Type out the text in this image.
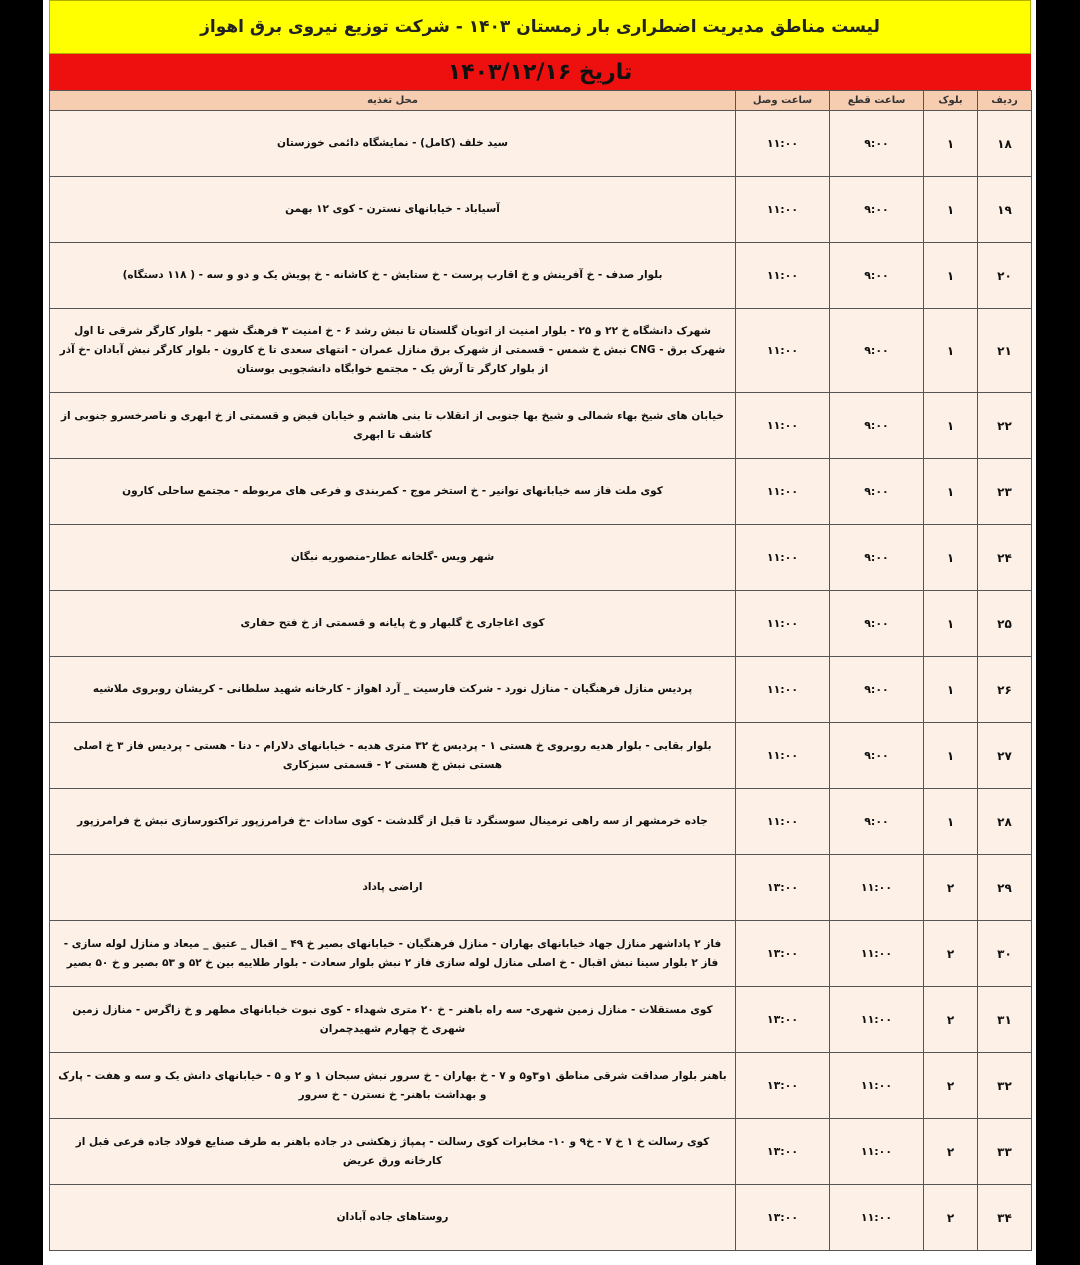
لیست مناطق مدیریت اضطراری بار زمستان ۱۴۰۳ - شرکت توزیع نیروی برق اهواز
تاریخ ۱۴۰۳/۱۲/۱۶
ردیف	بلوک	ساعت قطع	ساعت وصل	محل تغذیه
۱۸	۱	۹:۰۰	۱۱:۰۰	سید خلف (کامل) - نمایشگاه دائمی خوزستان
۱۹	۱	۹:۰۰	۱۱:۰۰	آسیاباد - خیابانهای نسترن - کوی ۱۲ بهمن
۲۰	۱	۹:۰۰	۱۱:۰۰	بلوار صدف - خ آفرینش و خ اقارب پرست - خ ستایش - خ کاشانه - خ پویش یک و دو و سه - ( ۱۱۸ دستگاه)
۲۱	۱	۹:۰۰	۱۱:۰۰	شهرک دانشگاه خ ۲۲ و ۲۵ - بلوار امنیت از اتوبان گلستان تا نبش رشد ۶ - خ امنیت ۳ فرهنگ شهر - بلوار کارگر شرقی تا اول شهرک برق - CNG نبش خ شمس - قسمتی از شهرک برق منازل عمران - انتهای سعدی تا خ کارون - بلوار کارگر نبش آبادان -خ آذر از بلوار کارگر تا آرش یک - مجتمع خوابگاه دانشجویی بوستان
۲۲	۱	۹:۰۰	۱۱:۰۰	خیابان های شیخ بهاء شمالی و شیخ بها جنوبی از انقلاب تا بنی هاشم و خیابان فیض و قسمتی از خ ابهری و ناصرخسرو جنوبی از کاشف تا ابهری
۲۳	۱	۹:۰۰	۱۱:۰۰	کوی ملت فاز سه خیابانهای توانیر - خ استخر موج - کمربندی و فرعی های مربوطه - مجتمع ساحلی کارون
۲۴	۱	۹:۰۰	۱۱:۰۰	شهر ویس -گلخانه عطار-منصوریه نبگان
۲۵	۱	۹:۰۰	۱۱:۰۰	کوی اغاجاری خ گلبهار و خ پایانه و قسمتی از خ فتح حفاری
۲۶	۱	۹:۰۰	۱۱:۰۰	پردیس منازل فرهنگیان - منازل نورد - شرکت فارسیت _ آرد اهواز - کارخانه شهید سلطانی - کریشان روبروی ملاشیه
۲۷	۱	۹:۰۰	۱۱:۰۰	بلوار بقایی - بلوار هدیه روبروی خ هستی ۱ - پردیس خ ۳۲ متری هدیه - خیابانهای دلارام - دنا - هستی - پردیس فاز ۳ خ اصلی هستی نبش خ هستی ۲ - قسمتی سبزکاری
۲۸	۱	۹:۰۰	۱۱:۰۰	جاده خرمشهر از سه راهی ترمینال سوسنگرد تا قبل از گلدشت - کوی سادات -خ فرامرزپور تراکتورسازی نبش خ فرامرزپور
۲۹	۲	۱۱:۰۰	۱۳:۰۰	اراضی پاداد
۳۰	۲	۱۱:۰۰	۱۳:۰۰	فاز ۲ پاداشهر منازل جهاد خیابانهای بهاران - منازل فرهنگیان - خیابانهای بصیر خ ۴۹ _ اقبال _ عتیق _ میعاد و منازل لوله سازی - فاز ۲ بلوار سینا نبش اقبال - خ اصلی منازل لوله سازی فاز ۲ نبش بلوار سعادت - بلوار طلاییه بین خ ۵۲ و ۵۳ بصیر و خ ۵۰ بصیر
۳۱	۲	۱۱:۰۰	۱۳:۰۰	کوی مستقلات - منازل زمین شهری- سه راه باهنر - خ ۲۰ متری شهداء - کوی نبوت خیابانهای مطهر و خ زاگرس - منازل زمین شهری خ چهارم شهیدچمران
۳۲	۲	۱۱:۰۰	۱۳:۰۰	باهنر بلوار صداقت شرقی مناطق ۱و۳و۵ و ۷ - خ بهاران - خ سرور نبش سبحان ۱ و ۲ و ۵ - خیابانهای دانش یک و سه و هفت - پارک و بهداشت باهنر- خ نسترن - خ سرور
۳۳	۲	۱۱:۰۰	۱۳:۰۰	کوی رسالت خ ۱ خ ۷ - خ۹ و ۱۰- مخابرات کوی رسالت - پمپاژ زهکشی در جاده باهنر به طرف صنایع فولاد جاده فرعی قبل از کارخانه ورق عریض
۳۴	۲	۱۱:۰۰	۱۳:۰۰	روستاهای جاده آبادان
